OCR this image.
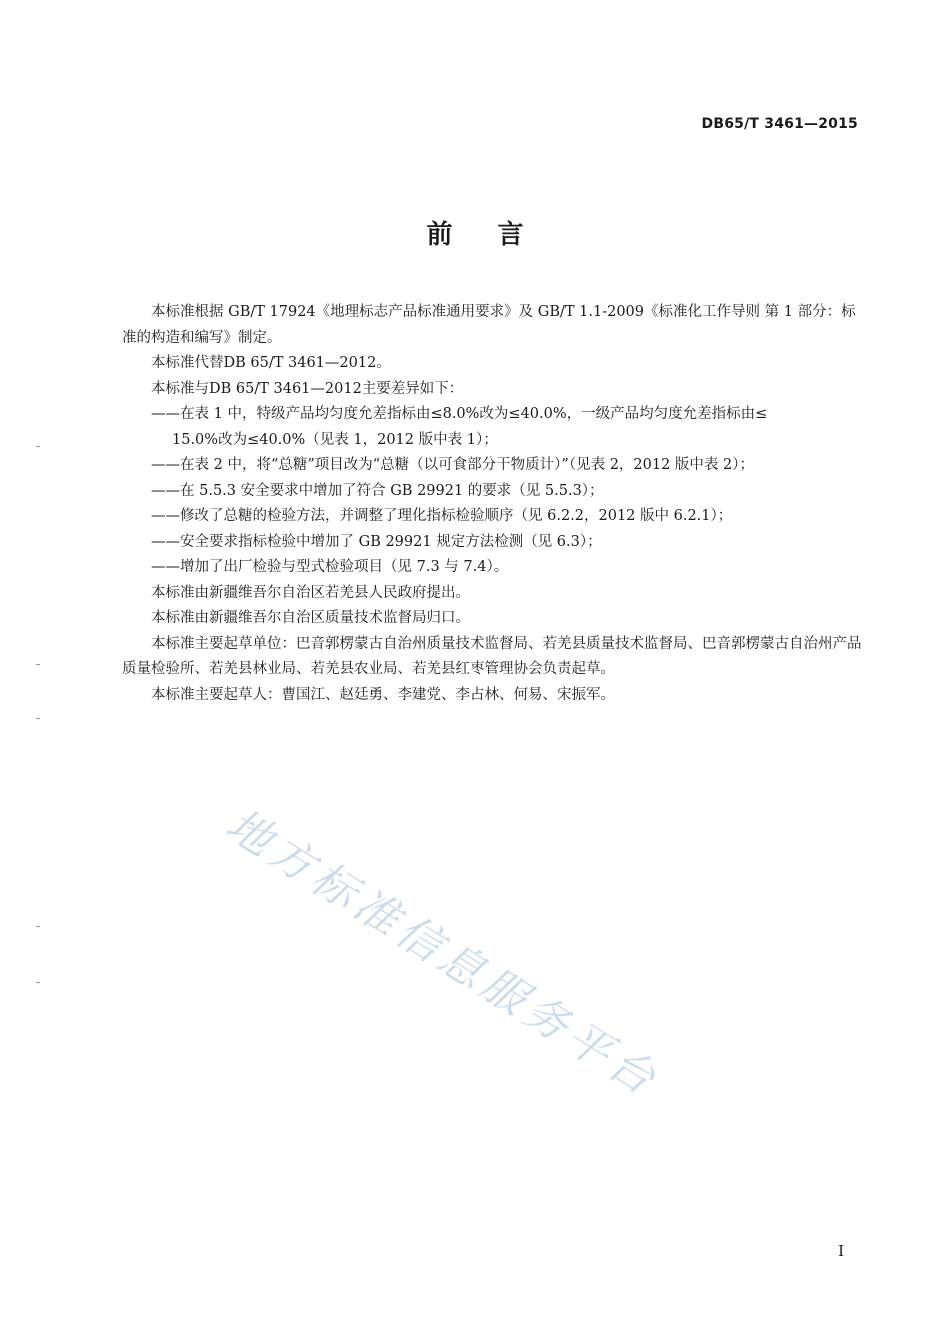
DB65/T 3461—2015
前 言

本标准根据 GB/T 17924《地理标志产品标准通用要求》及 GB/T 1.1-2009《标准化工作导则 第 1 部分：标准的构造和编写》制定。

本标准代替DB 65/T 3461—2012。

本标准与DB 65/T 3461—2012主要差异如下：

——在表 1 中，特级产品均匀度允差指标由≤8.0%改为≤40.0%，一级产品均匀度允差指标由≤

15.0%改为≤40.0%（见表 1，2012 版中表 1）；

——在表 2 中，将“总糖”项目改为“总糖（以可食部分干物质计）”（见表 2，2012 版中表 2）；

——在 5.5.3 安全要求中增加了符合 GB 29921 的要求（见 5.5.3）；

——修改了总糖的检验方法，并调整了理化指标检验顺序（见 6.2.2，2012 版中 6.2.1）；

——安全要求指标检验中增加了 GB 29921 规定方法检测（见 6.3）；

——增加了出厂检验与型式检验项目（见 7.3 与 7.4）。

本标准由新疆维吾尔自治区若羌县人民政府提出。

本标准由新疆维吾尔自治区质量技术监督局归口。

本标准主要起草单位：巴音郭楞蒙古自治州质量技术监督局、若羌县质量技术监督局、巴音郭楞蒙古自治州产品质量检验所、若羌县林业局、若羌县农业局、若羌县红枣管理协会负责起草。

本标准主要起草人：曹国江、赵廷勇、李建党、李占林、何易、宋振军。

地方标准信息服务平台
I
